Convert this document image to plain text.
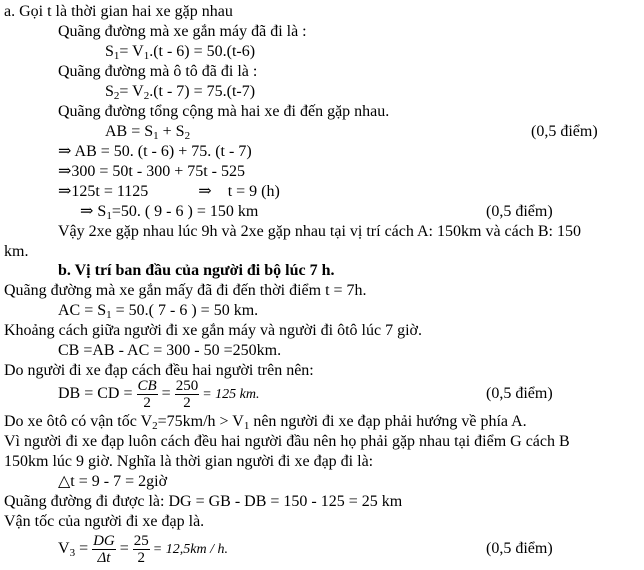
a. Gọi t là thời gian hai xe gặp nhau
Quãng đường mà xe gắn máy đã đi là :
$S_1= V_1.(t - 6) = 50.(t-6)$
Quãng đường mà ô tô đã đi là :
$S_2= V_2.(t - 7) = 75.(t-7)$
Quãng đường tổng cộng mà hai xe đi đến gặp nhau.
AB = $S_1 + S_2$	(0,5 điểm)
⇒ AB = 50. (t - 6) + 75. (t - 7)
⇒300 = 50t - 300 + 75t - 525
⇒125t = 1125	⇒ t = 9 (h)
⇒ $S_1=50$. ( 9 - 6 ) = 150 km	(0,5 điểm)
Vậy 2xe gặp nhau lúc 9h và 2xe gặp nhau tại vị trí cách A: 150km và cách B: 150
km.
b. Vị trí ban đầu của người đi bộ lúc 7 h.
Quãng đường mà xe gắn mấy đã đi đến thời điểm t = 7h.
AC = $S_1 = 50$.( 7 - 6 ) = 50 km.
Khoảng cách giữa người đi xe gắn máy và người đi ôtô lúc 7 giờ.
CB =AB - AC = 300 - 50 =250km.
Do người đi xe đạp cách đều hai người trên nên:
DB = CD = $\frac{CB}{2} = \frac{250}{2} = 125$ km.	(0,5 điểm)
Do xe ôtô có vận tốc $V_2=75km/h > V_1$ nên người đi xe đạp phải hướng về phía A.
Vì người đi xe đạp luôn cách đều hai người đầu nên họ phải gặp nhau tại điểm G cách B
150km lúc 9 giờ. Nghĩa là thời gian người đi xe đạp đi là:
△t = 9 - 7 = 2giờ
Quãng đường đi được là: DG = GB - DB = 150 - 125 = 25 km
Vận tốc của người đi xe đạp là.
$V_3 = \frac{DG}{\Delta t} = \frac{25}{2} = 12,5km / h$.	(0,5 điểm)
